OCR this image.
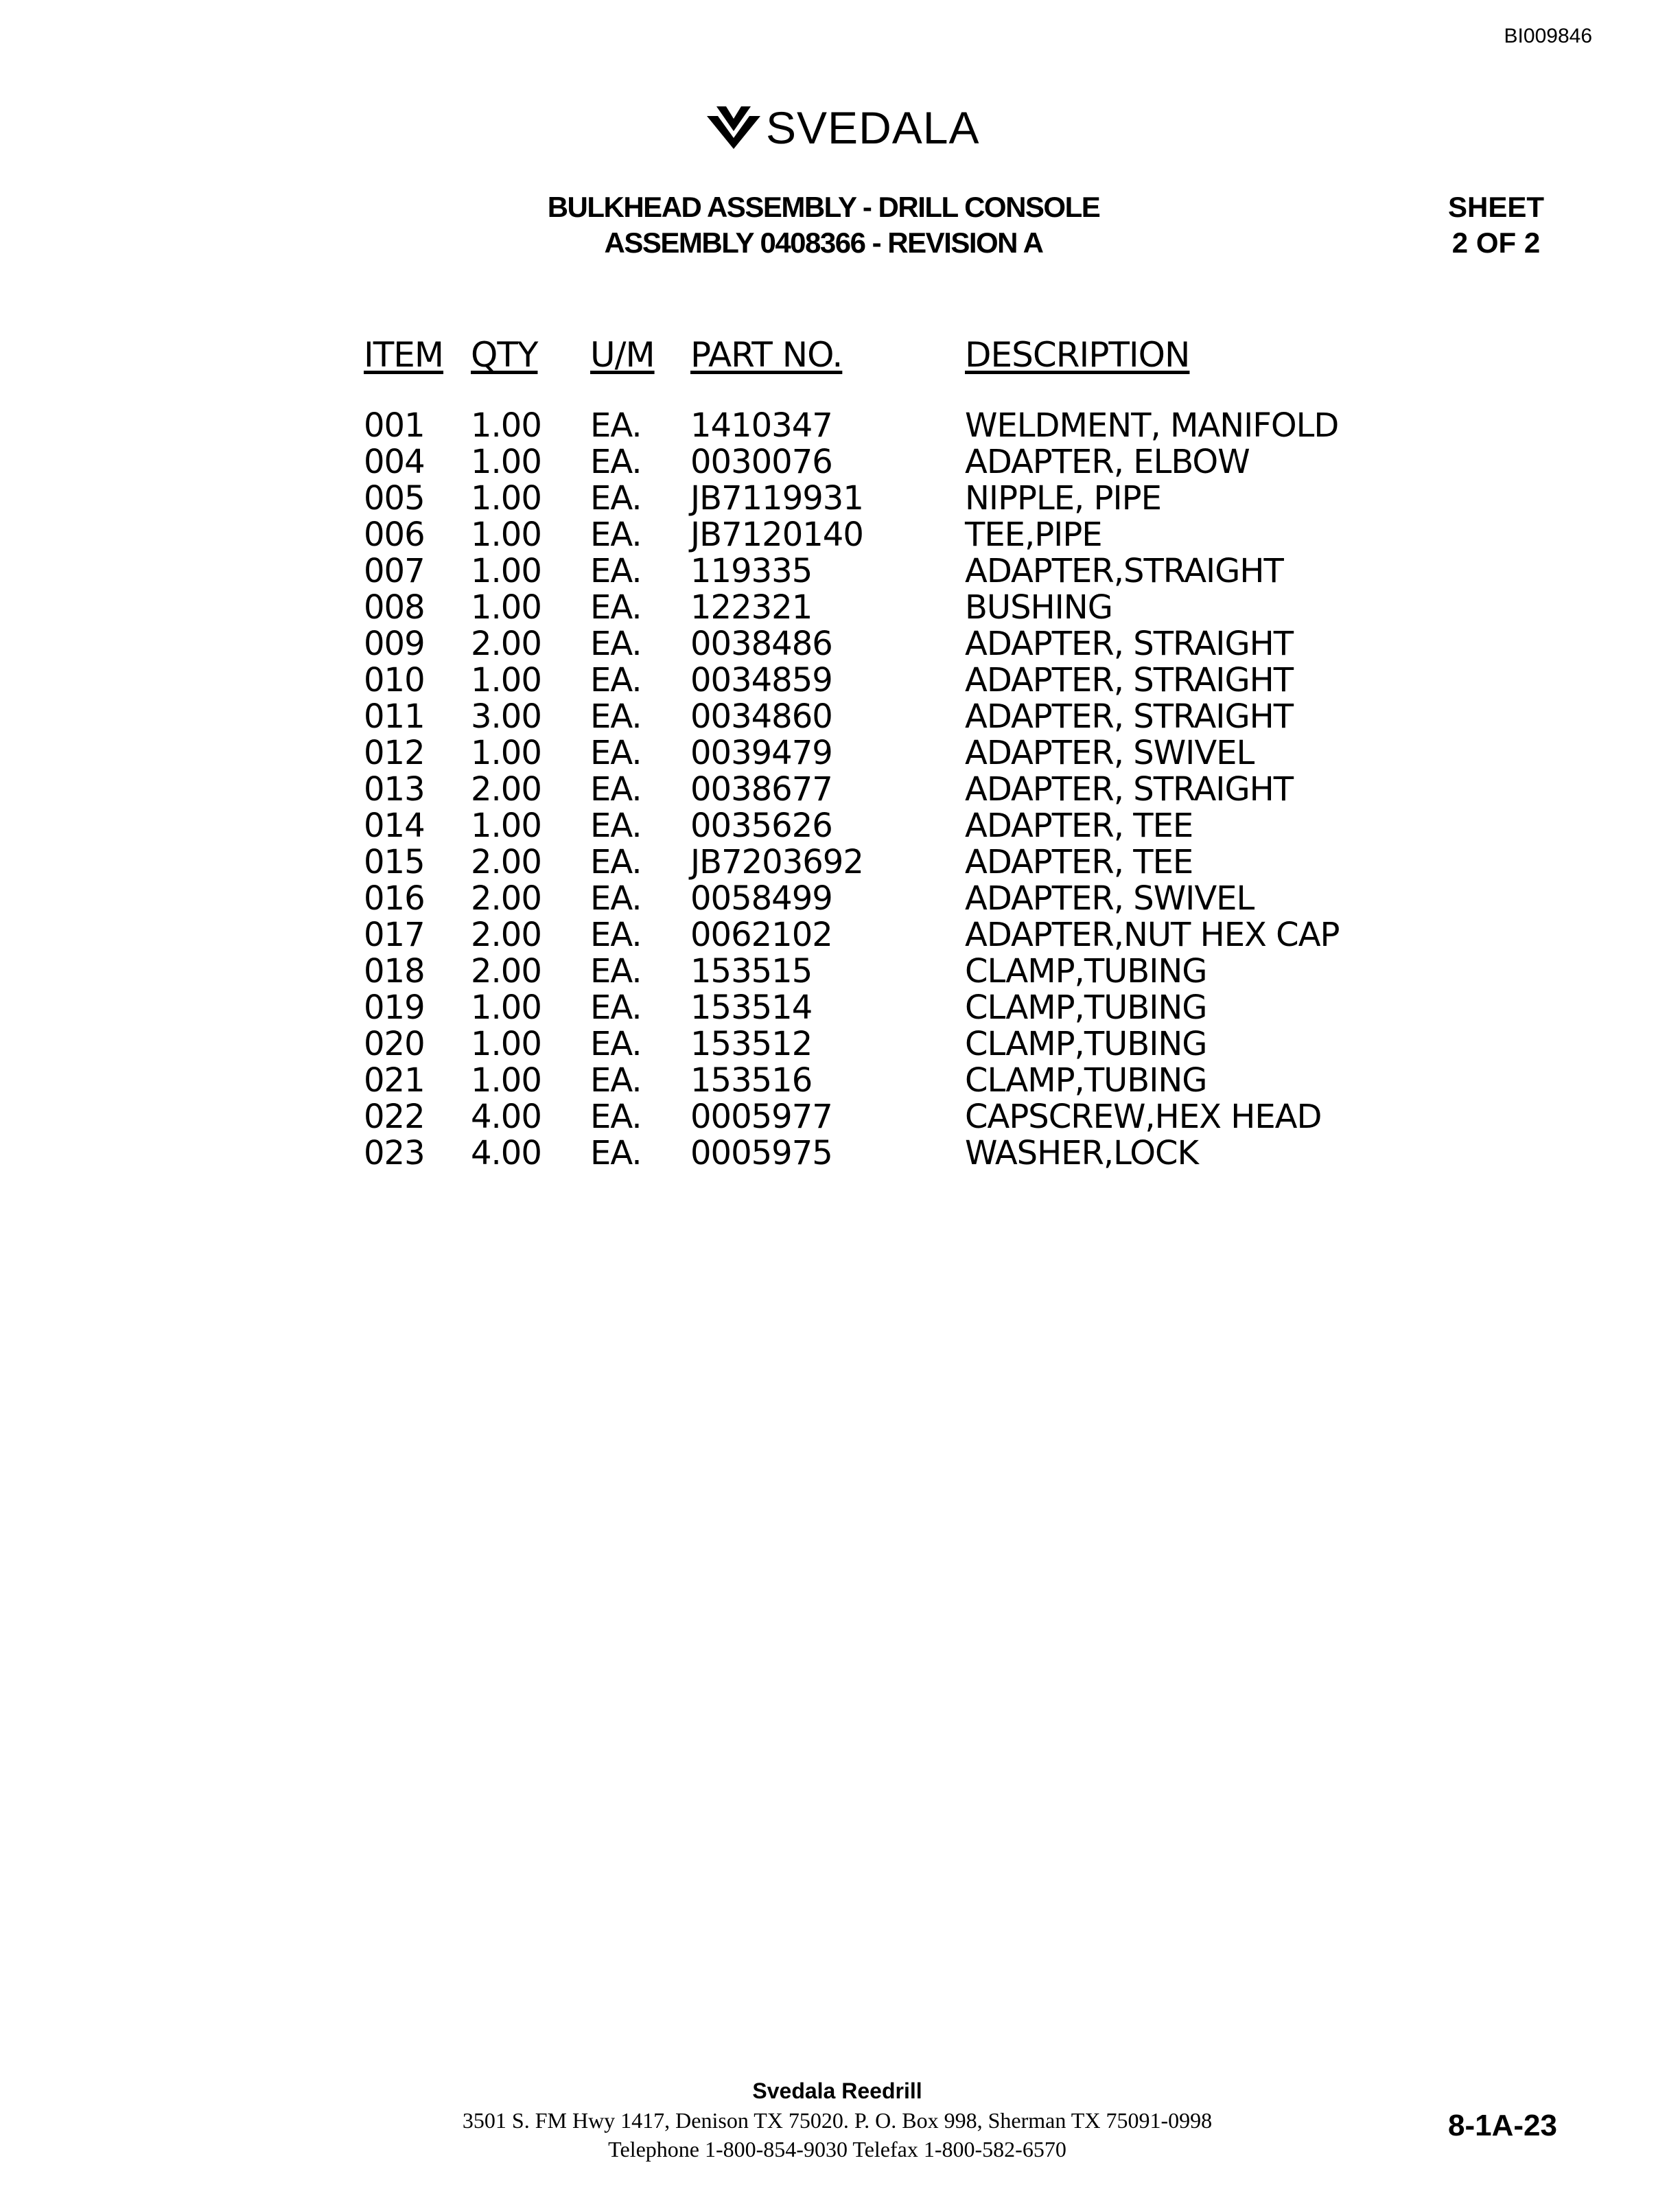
BI009846
SVEDALA
BULKHEAD ASSEMBLY - DRILL CONSOLE
ASSEMBLY 0408366 - REVISION A
SHEET
2 OF 2
ITEM QTY	U/M	PART NO.	DESCRIPTION
001	1.00	EA.	1410347	WELDMENT, MANIFOLD
004	1.00	EA.	0030076	ADAPTER, ELBOW
005	1.00	EA.	JB7119931	NIPPLE, PIPE
006	1.00	EA.	JB7120140	TEE,PIPE
007	1.00	EA.	119335	ADAPTER,STRAIGHT
008	1.00	EA.	122321	BUSHING
009	2.00	EA.	0038486	ADAPTER, STRAIGHT
010	1.00	EA.	0034859	ADAPTER, STRAIGHT
011	3.00	EA.	0034860	ADAPTER, STRAIGHT
012	1.00	EA.	0039479	ADAPTER, SWIVEL
013	2.00	EA.	0038677	ADAPTER, STRAIGHT
014	1.00	EA.	0035626	ADAPTER, TEE
015	2.00	EA.	JB7203692	ADAPTER, TEE
016	2.00	EA.	0058499	ADAPTER, SWIVEL
017	2.00	EA.	0062102	ADAPTER,NUT HEX CAP
018	2.00	EA.	153515	CLAMP,TUBING
019	1.00	EA.	153514	CLAMP,TUBING
020	1.00	EA.	153512	CLAMP,TUBING
021	1.00	EA.	153516	CLAMP,TUBING
022	4.00	EA.	0005977	CAPSCREW,HEX HEAD
023	4.00	EA.	0005975	WASHER,LOCK
Svedala Reedrill
3501 S. FM Hwy 1417, Denison TX 75020. P. O. Box 998, Sherman TX 75091-0998
Telephone 1-800-854-9030 Telefax 1-800-582-6570
8-1A-23
